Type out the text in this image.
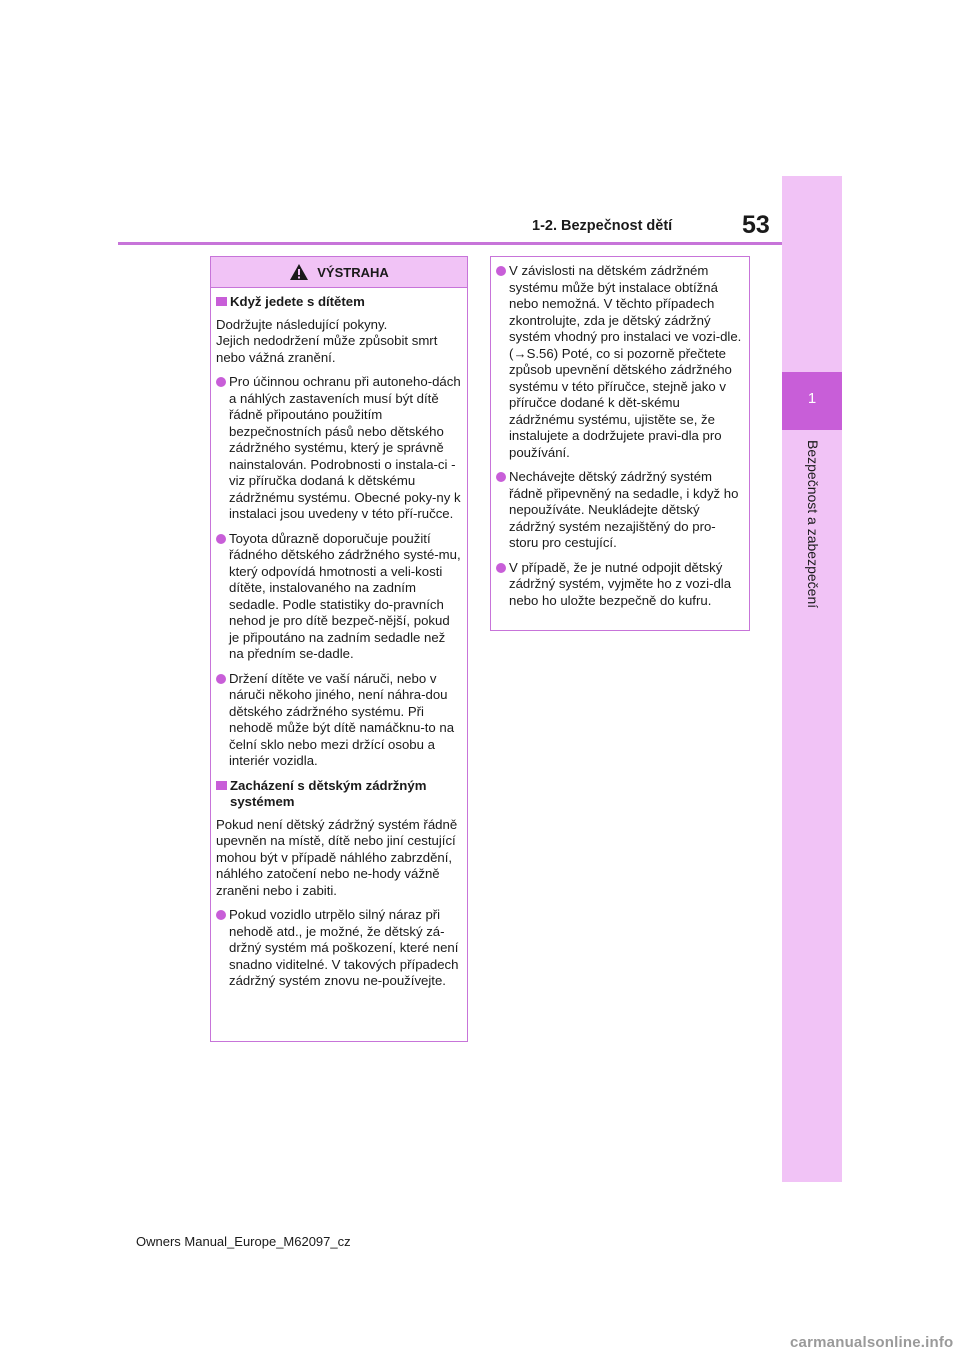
1
Bezpečnost a zabezpečení
53
1-2. Bezpečnost dětí
VÝSTRAHA
Když jedete s dítětem
Dodržujte následující pokyny.
Jejich nedodržení může způsobit smrt nebo vážná zranění.
Pro účinnou ochranu při autoneho-dách a náhlých zastaveních musí být dítě řádně připoutáno použitím bezpečnostních pásů nebo dětského zádržného systému, který je správně nainstalován. Podrobnosti o instala-ci - viz příručka dodaná k dětskému zádržnému systému. Obecné poky-ny k instalaci jsou uvedeny v této pří-ručce.
Toyota důrazně doporučuje použití řádného dětského zádržného systé-mu, který odpovídá hmotnosti a veli-kosti dítěte, instalovaného na zadním sedadle. Podle statistiky do-pravních nehod je pro dítě bezpeč-nější, pokud je připoutáno na zadním sedadle než na předním se-dadle.
Držení dítěte ve vaší náruči, nebo v náruči někoho jiného, není náhra-dou dětského zádržného systému. Při nehodě může být dítě namáčknu-to na čelní sklo nebo mezi držící osobu a interiér vozidla.
Zacházení s dětským zádržným systémem
Pokud není dětský zádržný systém řádně upevněn na místě, dítě nebo jiní cestující mohou být v případě náhlého zabrzdění, náhlého zatočení nebo ne-hody vážně zraněni nebo i zabiti.
Pokud vozidlo utrpělo silný náraz při nehodě atd., je možné, že dětský zá-držný systém má poškození, které není snadno viditelné. V takových případech zádržný systém znovu ne-používejte.
V závislosti na dětském zádržném systému může být instalace obtížná nebo nemožná. V těchto případech zkontrolujte, zda je dětský zádržný systém vhodný pro instalaci ve vozi-dle. (→S.56) Poté, co si pozorně přečtete způsob upevnění dětského zádržného systému v této příručce, stejně jako v příručce dodané k dět-skému zádržnému systému, ujistěte se, že instalujete a dodržujete pravi-dla pro používání.
Nechávejte dětský zádržný systém řádně připevněný na sedadle, i když ho nepoužíváte. Neukládejte dětský zádržný systém nezajištěný do pro-storu pro cestující.
V případě, že je nutné odpojit dětský zádržný systém, vyjměte ho z vozi-dla nebo ho uložte bezpečně do kufru.
Owners Manual_Europe_M62097_cz
carmanualsonline.info
